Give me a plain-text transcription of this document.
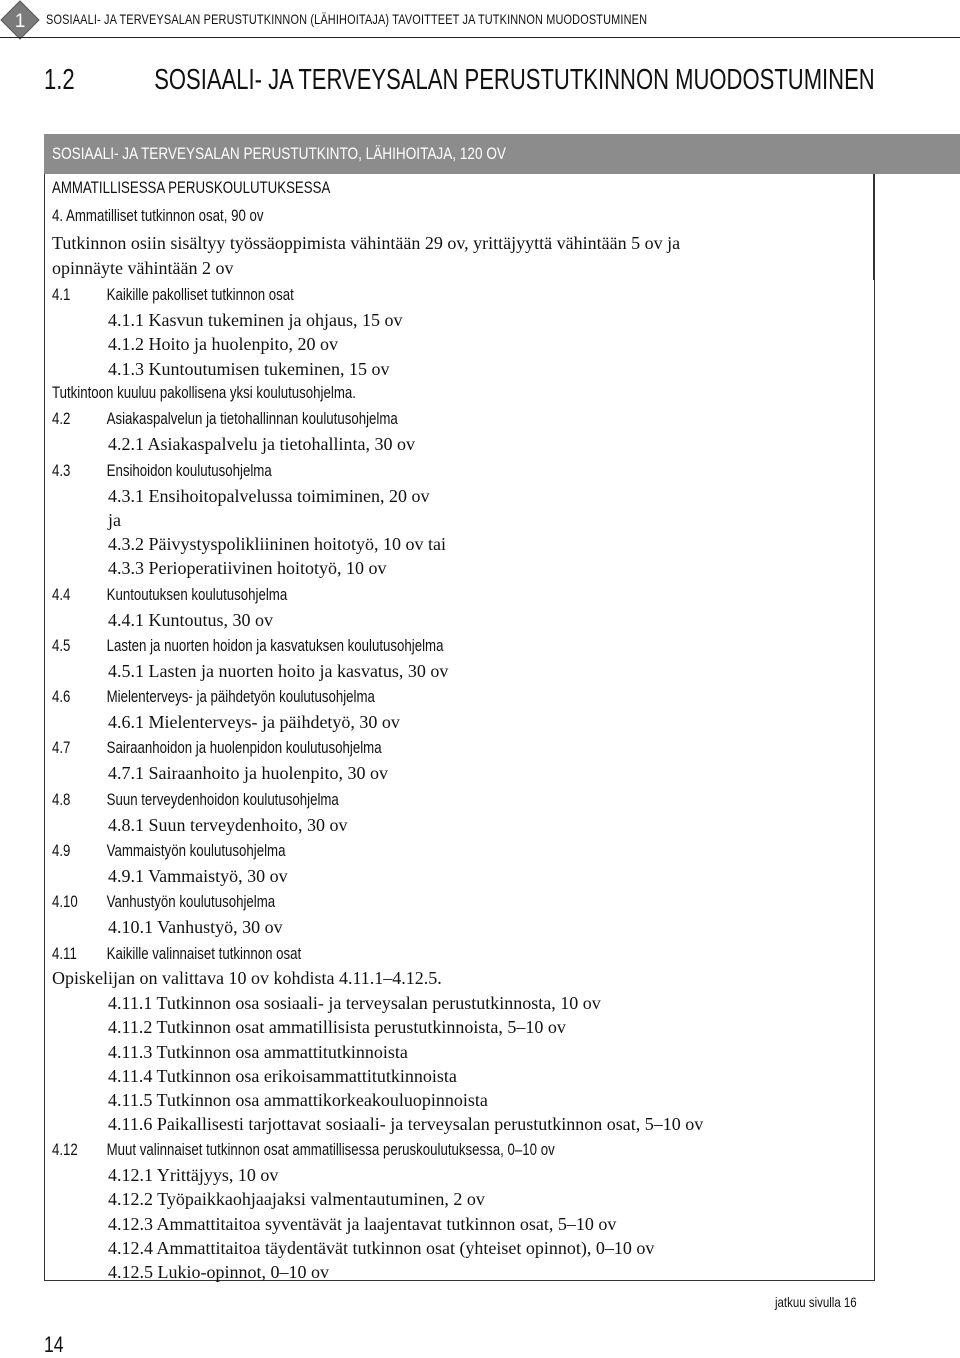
1 SOSIAALI- JA TERVEYSALAN PERUSTUTKINNON (LÄHIHOITAJA) TAVOITTEET JA TUTKINNON MUODOSTUMINEN
1.2	SOSIAALI- JA TERVEYSALAN PERUSTUTKINNON MUODOSTUMINEN
SOSIAALI- JA TERVEYSALAN PERUSTUTKINTO, LÄHIHOITAJA, 120 OV
AMMATILLISESSA PERUSKOULUTUKSESSA
4. Ammatilliset tutkinnon osat, 90 ov
Tutkinnon osiin sisältyy työssäoppimista vähintään 29 ov, yrittäjyyttä vähintään 5 ov ja
opinnäyte vähintään 2 ov
4.1 Kaikille pakolliset tutkinnon osat
4.1.1 Kasvun tukeminen ja ohjaus, 15 ov
4.1.2 Hoito ja huolenpito, 20 ov
4.1.3 Kuntoutumisen tukeminen, 15 ov
Tutkintoon kuuluu pakollisena yksi koulutusohjelma.
4.2 Asiakaspalvelun ja tietohallinnan koulutusohjelma
4.2.1 Asiakaspalvelu ja tietohallinta, 30 ov
4.3 Ensihoidon koulutusohjelma
4.3.1 Ensihoitopalvelussa toimiminen, 20 ov
ja
4.3.2 Päivystyspolikliininen hoitotyö, 10 ov tai
4.3.3 Perioperatiivinen hoitotyö, 10 ov
4.4 Kuntoutuksen koulutusohjelma
4.4.1 Kuntoutus, 30 ov
4.5 Lasten ja nuorten hoidon ja kasvatuksen koulutusohjelma
4.5.1 Lasten ja nuorten hoito ja kasvatus, 30 ov
4.6 Mielenterveys- ja päihdetyön koulutusohjelma
4.6.1 Mielenterveys- ja päihdetyö, 30 ov
4.7 Sairaanhoidon ja huolenpidon koulutusohjelma
4.7.1 Sairaanhoito ja huolenpito, 30 ov
4.8 Suun terveydenhoidon koulutusohjelma
4.8.1 Suun terveydenhoito, 30 ov
4.9 Vammaistyön koulutusohjelma
4.9.1 Vammaistyö, 30 ov
4.10 Vanhustyön koulutusohjelma
4.10.1 Vanhustyö, 30 ov
4.11 Kaikille valinnaiset tutkinnon osat
Opiskelijan on valittava 10 ov kohdista 4.11.1–4.12.5.
4.11.1 Tutkinnon osa sosiaali- ja terveysalan perustutkinnosta, 10 ov
4.11.2 Tutkinnon osat ammatillisista perustutkinnoista, 5–10 ov
4.11.3 Tutkinnon osa ammattitutkinnoista
4.11.4 Tutkinnon osa erikoisammattitutkinnoista
4.11.5 Tutkinnon osa ammattikorkeakouluopinnoista
4.11.6 Paikallisesti tarjottavat sosiaali- ja terveysalan perustutkinnon osat, 5–10 ov
4.12 Muut valinnaiset tutkinnon osat ammatillisessa peruskoulutuksessa, 0–10 ov
4.12.1 Yrittäjyys, 10 ov
4.12.2 Työpaikkaohjaajaksi valmentautuminen, 2 ov
4.12.3 Ammattitaitoa syventävät ja laajentavat tutkinnon osat, 5–10 ov
4.12.4 Ammattitaitoa täydentävät tutkinnon osat (yhteiset opinnot), 0–10 ov
4.12.5 Lukio-opinnot, 0–10 ov
jatkuu sivulla 16
14
